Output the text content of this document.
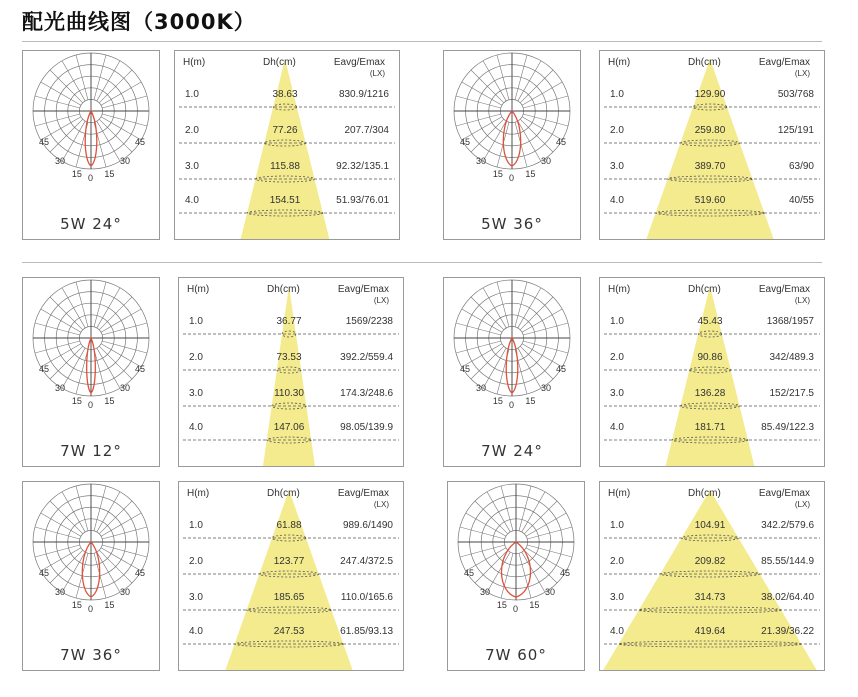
配光曲线图（3000K）
45
30
15 0 15
30
45
5W 24°
H(m)	Dh(cm)	Eavg/Emax
(LX)
1.0	38.63	830.9/1216
2.0	77.26	207.7/304
3.0	115.88	92.32/135.1
4.0	154.51	51.93/76.01
45
30
15 0 15
30
45
5W 36°
H(m)	Dh(cm)	Eavg/Emax
(LX)
1.0	129.90	503/768
2.0	259.80	125/191
3.0	389.70	63/90
4.0	519.60	40/55
45
30
15 0 15
30
45
7W 12°
H(m)	Dh(cm)	Eavg/Emax
(LX)
1.0	36.77	1569/2238
2.0	73.53	392.2/559.4
3.0	110.30	174.3/248.6
4.0	147.06	98.05/139.9
45
30
15 0 15
30
45
7W 24°
H(m)	Dh(cm)	Eavg/Emax
(LX)
1.0	45.43	1368/1957
2.0	90.86	342/489.3
3.0	136.28	152/217.5
4.0	181.71	85.49/122.3
45
30
15 0 15
30
45
7W 36°
H(m)	Dh(cm)	Eavg/Emax
(LX)
1.0	61.88	989.6/1490
2.0	123.77	247.4/372.5
3.0	185.65	110.0/165.6
4.0	247.53	61.85/93.13
45
30
15 0 15
30
45
7W 60°
H(m)	Dh(cm)	Eavg/Emax
(LX)
1.0	104.91	342.2/579.6
2.0	209.82	85.55/144.9
3.0	314.73	38.02/64.40
4.0	419.64	21.39/36.22
